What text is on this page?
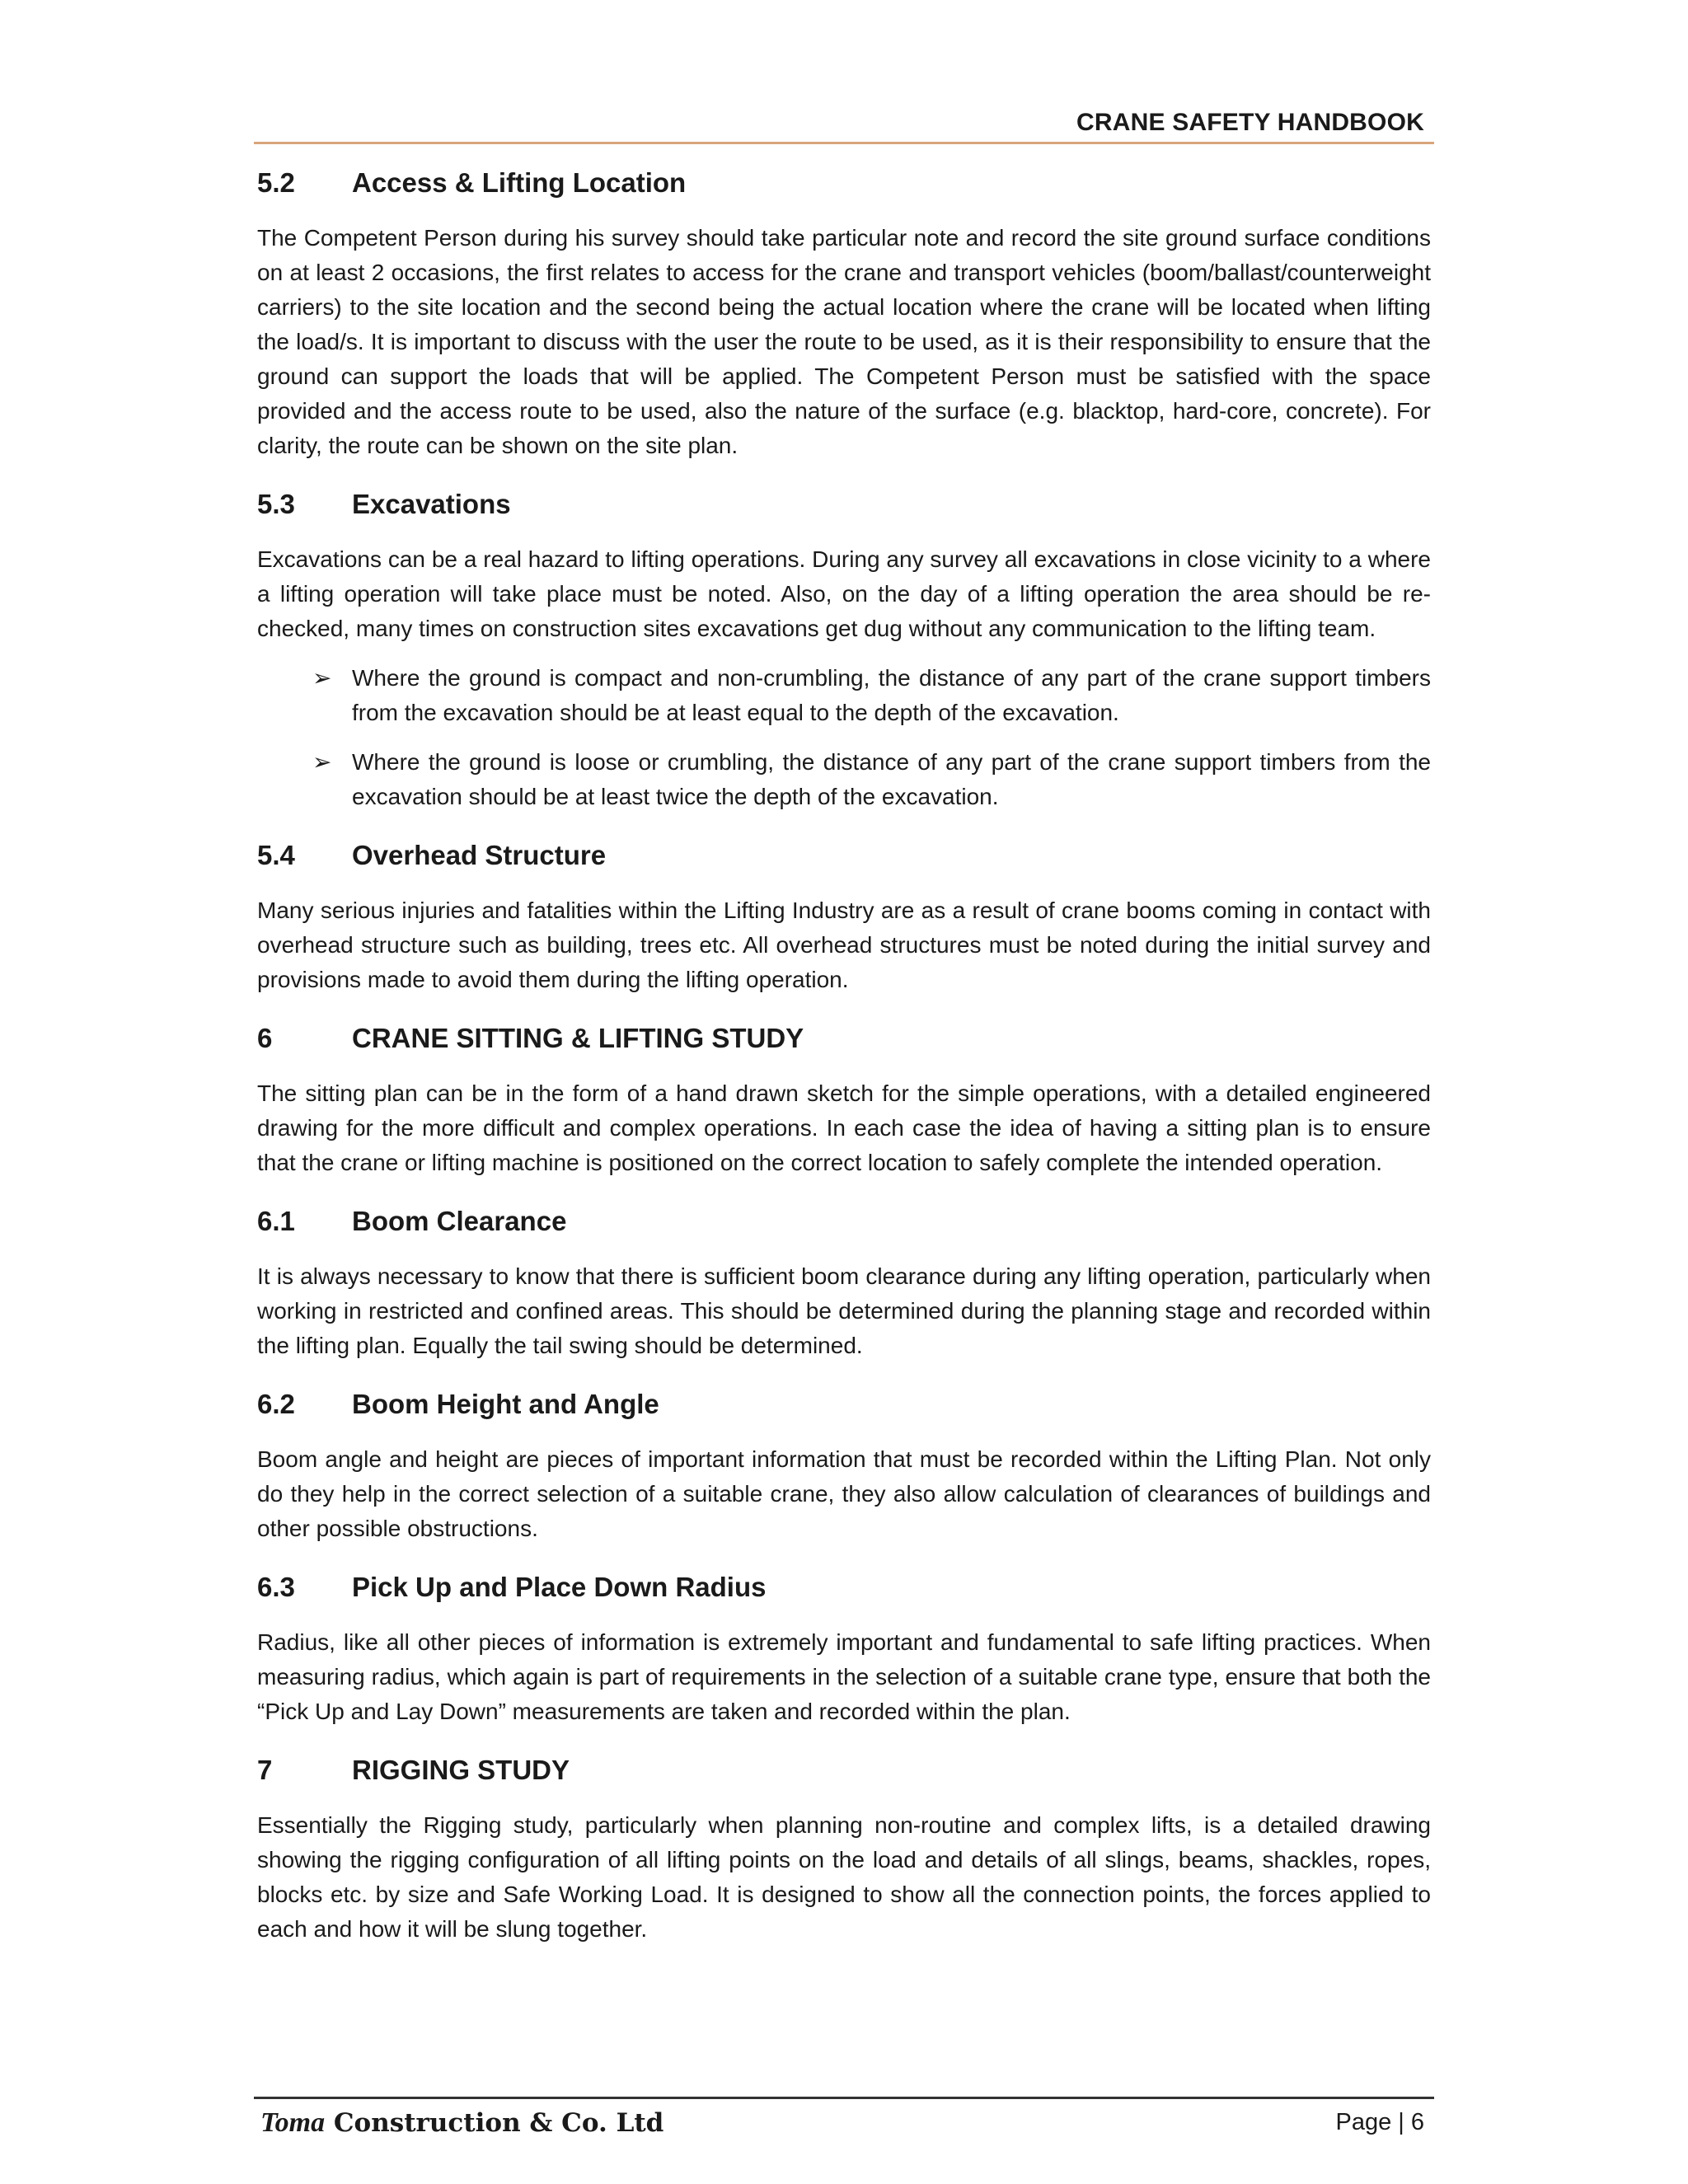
CRANE SAFETY HANDBOOK
5.2	Access & Lifting Location

The Competent Person during his survey should take particular note and record the site ground surface conditions on at least 2 occasions, the first relates to access for the crane and transport vehicles (boom/ballast/counterweight carriers) to the site location and the second being the actual location where the crane will be located when lifting the load/s. It is important to discuss with the user the route to be used, as it is their responsibility to ensure that the ground can support the loads that will be applied. The Competent Person must be satisfied with the space provided and the access route to be used, also the nature of the surface (e.g. blacktop, hard-core, concrete). For clarity, the route can be shown on the site plan.

5.3	Excavations

Excavations can be a real hazard to lifting operations. During any survey all excavations in close vicinity to a where a lifting operation will take place must be noted. Also, on the day of a lifting operation the area should be re-checked, many times on construction sites excavations get dug without any communication to the lifting team.

➢ Where the ground is compact and non-crumbling, the distance of any part of the crane support timbers from the excavation should be at least equal to the depth of the excavation.
➢ Where the ground is loose or crumbling, the distance of any part of the crane support timbers from the excavation should be at least twice the depth of the excavation.
5.4	Overhead Structure

Many serious injuries and fatalities within the Lifting Industry are as a result of crane booms coming in contact with overhead structure such as building, trees etc. All overhead structures must be noted during the initial survey and provisions made to avoid them during the lifting operation.

6	CRANE SITTING & LIFTING STUDY

The sitting plan can be in the form of a hand drawn sketch for the simple operations, with a detailed engineered drawing for the more difficult and complex operations. In each case the idea of having a sitting plan is to ensure that the crane or lifting machine is positioned on the correct location to safely complete the intended operation.

6.1	Boom Clearance

It is always necessary to know that there is sufficient boom clearance during any lifting operation, particularly when working in restricted and confined areas. This should be determined during the planning stage and recorded within the lifting plan. Equally the tail swing should be determined.

6.2	Boom Height and Angle

Boom angle and height are pieces of important information that must be recorded within the Lifting Plan. Not only do they help in the correct selection of a suitable crane, they also allow calculation of clearances of buildings and other possible obstructions.

6.3	Pick Up and Place Down Radius

Radius, like all other pieces of information is extremely important and fundamental to safe lifting practices. When measuring radius, which again is part of requirements in the selection of a suitable crane type, ensure that both the “Pick Up and Lay Down” measurements are taken and recorded within the plan.

7	RIGGING STUDY

Essentially the Rigging study, particularly when planning non-routine and complex lifts, is a detailed drawing showing the rigging configuration of all lifting points on the load and details of all slings, beams, shackles, ropes, blocks etc. by size and Safe Working Load. It is designed to show all the connection points, the forces applied to each and how it will be slung together.

Toma Construction & Co. Ltd	Page | 6
